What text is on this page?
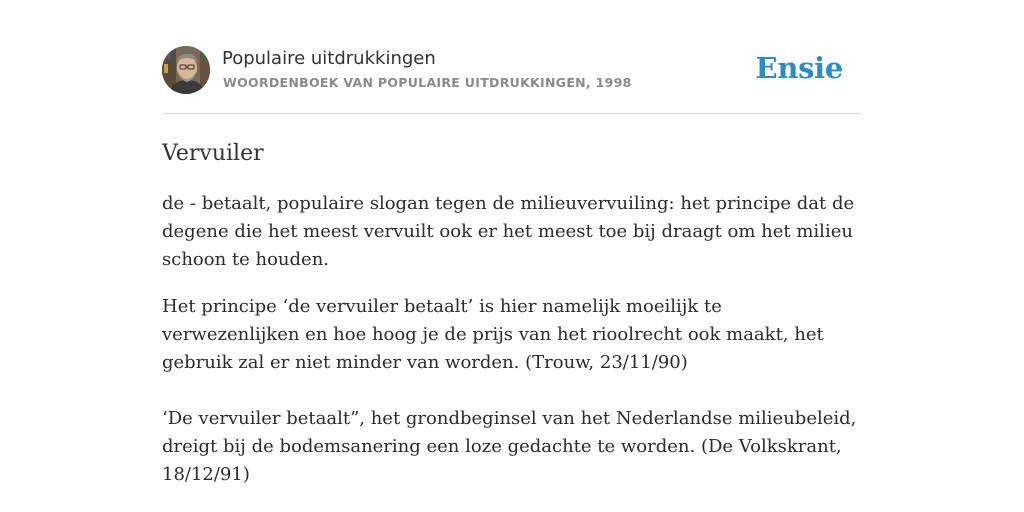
Populaire uitdrukkingen
WOORDENBOEK VAN POPULAIRE UITDRUKKINGEN, 1998	Ensie
Vervuiler

de - betaalt, populaire slogan tegen de milieuvervuiling: het principe dat de degene die het meest vervuilt ook er het meest toe bij draagt om het milieu schoon te houden.

Het principe ‘de vervuiler betaalt’ is hier namelijk moeilijk te verwezenlijken en hoe hoog je de prijs van het rioolrecht ook maakt, het gebruik zal er niet minder van worden. (Trouw, 23/11/90)
‘De vervuiler betaalt”, het grondbeginsel van het Nederlandse milieubeleid, dreigt bij de bodemsanering een loze gedachte te worden. (De Volkskrant, 18/12/91)
